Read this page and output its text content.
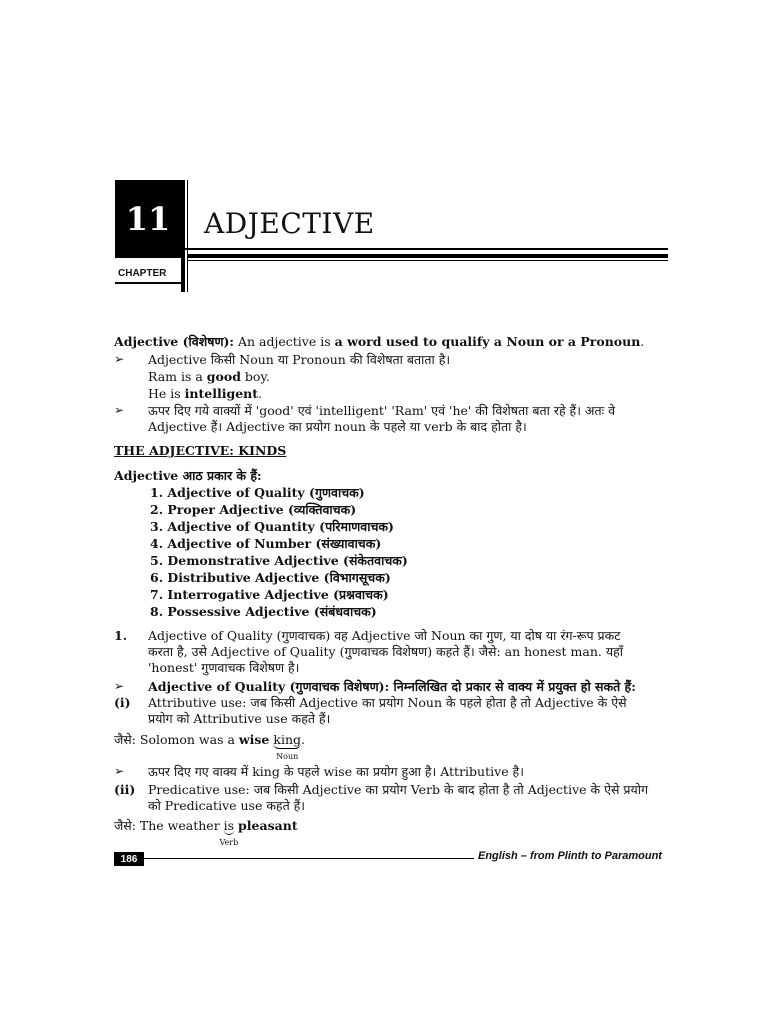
11	ADJECTIVE
CHAPTER
Adjective (विशेषण): An adjective is a word used to qualify a Noun or a Pronoun.
➢ Adjective किसी Noun या Pronoun की विशेषता बताता है।
Ram is a good boy.
He is intelligent.
➢ ऊपर दिए गये वाक्यों में 'good' एवं 'intelligent' 'Ram' एवं 'he' की विशेषता बता रहे हैं। अतः वे
Adjective हैं। Adjective का प्रयोग noun के पहले या verb के बाद होता है।
THE ADJECTIVE: KINDS
Adjective आठ प्रकार के हैं:
1. Adjective of Quality (गुणवाचक)
2. Proper Adjective (व्यक्तिवाचक)
3. Adjective of Quantity (परिमाणवाचक)
4. Adjective of Number (संख्यावाचक)
5. Demonstrative Adjective (संकेतवाचक)
6. Distributive Adjective (विभागसूचक)
7. Interrogative Adjective (प्रश्नवाचक)
8. Possessive Adjective (संबंधवाचक)
1. Adjective of Quality (गुणवाचक) वह Adjective जो Noun का गुण, या दोष या रंग-रूप प्रकट
करता है, उसे Adjective of Quality (गुणवाचक विशेषण) कहते हैं। जैसे: an honest man. यहाँ
'honest' गुणवाचक विशेषण है।
➢ Adjective of Quality (गुणवाचक विशेषण): निम्नलिखित दो प्रकार से वाक्य में प्रयुक्त हो सकते हैं:
(i) Attributive use: जब किसी Adjective का प्रयोग Noun के पहले होता है तो Adjective के ऐसे
प्रयोग को Attributive use कहते हैं।
जैसे: Solomon was a wise king
Noun
.
➢ ऊपर दिए गए वाक्य में king के पहले wise का प्रयोग हुआ है। Attributive है।
(ii) Predicative use: जब किसी Adjective का प्रयोग Verb के बाद होता है तो Adjective के ऐसे प्रयोग
को Predicative use कहते हैं।
जैसे: The weather is
Verb
pleasant
186	English – from Plinth to Paramount
